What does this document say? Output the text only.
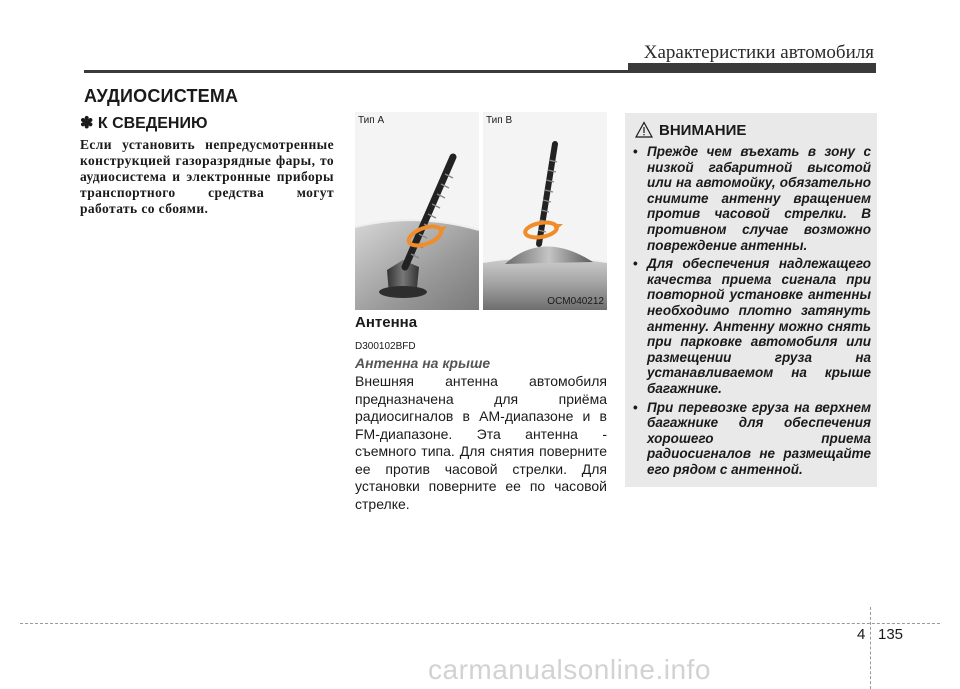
Характеристики автомобиля
АУДИОСИСТЕМА
✽ К СВЕДЕНИЮ
Если установить непредусмотренные конструкцией газоразрядные фары, то аудиосистема и электронные приборы транспортного средства могут работать со сбоями.
Тип A	Тип B
OCM040212
Антенна
D300102BFD
Антенна на крыше
Внешняя антенна автомобиля предназначена для приёма радиосигналов в AM-диапазоне и в FM-диапазоне. Эта антенна - съемного типа. Для снятия поверните ее против часовой стрелки. Для установки поверните ее по часовой стрелке.
ВНИМАНИЕ
• Прежде чем въехать в зону с низкой габаритной высотой или на автомойку, обязательно снимите антенну вращением против часовой стрелки. В противном случае возможно повреждение антенны.
• Для обеспечения надлежащего качества приема сигнала при повторной установке антенны необходимо плотно затянуть антенну. Антенну можно снять при парковке автомобиля или размещении груза на устанавливаемом на крыше багажнике.
• При перевозке груза на верхнем багажнике для обеспечения хорошего приема радиосигналов не размещайте его рядом с антенной.
4 135
carmanualsonline.info
